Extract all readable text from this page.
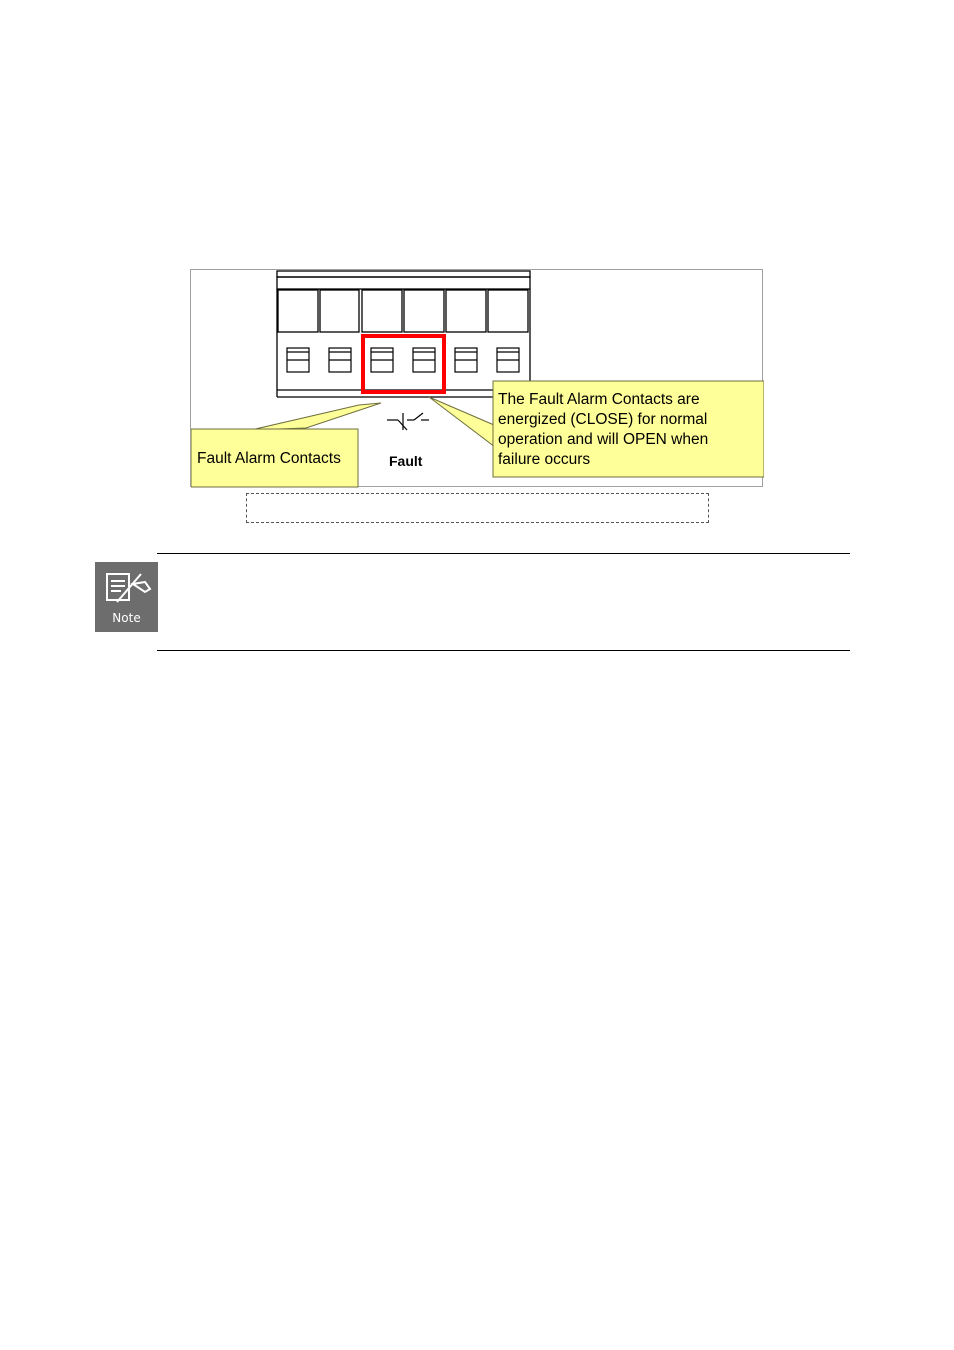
Fault
Fault Alarm Contacts
The Fault Alarm Contacts are
energized (CLOSE) for normal
operation and will OPEN when
failure occurs
Note
